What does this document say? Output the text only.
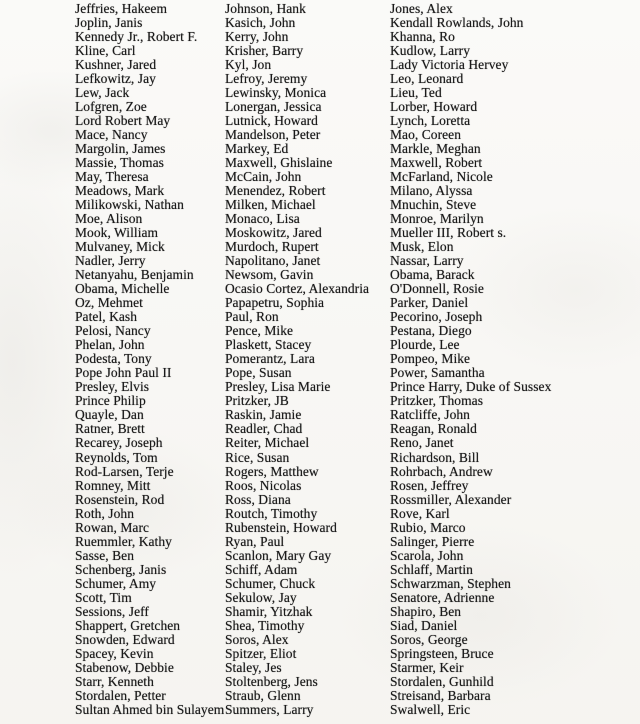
Jeffries, Hakeem
Joplin, Janis
Kennedy Jr., Robert F.
Kline, Carl
Kushner, Jared
Lefkowitz, Jay
Lew, Jack
Lofgren, Zoe
Lord Robert May
Mace, Nancy
Margolin, James
Massie, Thomas
May, Theresa
Meadows, Mark
Milikowski, Nathan
Moe, Alison
Mook, William
Mulvaney, Mick
Nadler, Jerry
Netanyahu, Benjamin
Obama, Michelle
Oz, Mehmet
Patel, Kash
Pelosi, Nancy
Phelan, John
Podesta, Tony
Pope John Paul II
Presley, Elvis
Prince Philip
Quayle, Dan
Ratner, Brett
Recarey, Joseph
Reynolds, Tom
Rod-Larsen, Terje
Romney, Mitt
Rosenstein, Rod
Roth, John
Rowan, Marc
Ruemmler, Kathy
Sasse, Ben
Schenberg, Janis
Schumer, Amy
Scott, Tim
Sessions, Jeff
Shappert, Gretchen
Snowden, Edward
Spacey, Kevin
Stabenow, Debbie
Starr, Kenneth
Stordalen, Petter
Sultan Ahmed bin Sulayem
Johnson, Hank
Kasich, John
Kerry, John
Krisher, Barry
Kyl, Jon
Lefroy, Jeremy
Lewinsky, Monica
Lonergan, Jessica
Lutnick, Howard
Mandelson, Peter
Markey, Ed
Maxwell, Ghislaine
McCain, John
Menendez, Robert
Milken, Michael
Monaco, Lisa
Moskowitz, Jared
Murdoch, Rupert
Napolitano, Janet
Newsom, Gavin
Ocasio Cortez, Alexandria
Papapetru, Sophia
Paul, Ron
Pence, Mike
Plaskett, Stacey
Pomerantz, Lara
Pope, Susan
Presley, Lisa Marie
Pritzker, JB
Raskin, Jamie
Readler, Chad
Reiter, Michael
Rice, Susan
Rogers, Matthew
Roos, Nicolas
Ross, Diana
Routch, Timothy
Rubenstein, Howard
Ryan, Paul
Scanlon, Mary Gay
Schiff, Adam
Schumer, Chuck
Sekulow, Jay
Shamir, Yitzhak
Shea, Timothy
Soros, Alex
Spitzer, Eliot
Staley, Jes
Stoltenberg, Jens
Straub, Glenn
Summers, Larry
Jones, Alex
Kendall Rowlands, John
Khanna, Ro
Kudlow, Larry
Lady Victoria Hervey
Leo, Leonard
Lieu, Ted
Lorber, Howard
Lynch, Loretta
Mao, Coreen
Markle, Meghan
Maxwell, Robert
McFarland, Nicole
Milano, Alyssa
Mnuchin, Steve
Monroe, Marilyn
Mueller III, Robert s.
Musk, Elon
Nassar, Larry
Obama, Barack
O'Donnell, Rosie
Parker, Daniel
Pecorino, Joseph
Pestana, Diego
Plourde, Lee
Pompeo, Mike
Power, Samantha
Prince Harry, Duke of Sussex
Pritzker, Thomas
Ratcliffe, John
Reagan, Ronald
Reno, Janet
Richardson, Bill
Rohrbach, Andrew
Rosen, Jeffrey
Rossmiller, Alexander
Rove, Karl
Rubio, Marco
Salinger, Pierre
Scarola, John
Schlaff, Martin
Schwarzman, Stephen
Senatore, Adrienne
Shapiro, Ben
Siad, Daniel
Soros, George
Springsteen, Bruce
Starmer, Keir
Stordalen, Gunhild
Streisand, Barbara
Swalwell, Eric
